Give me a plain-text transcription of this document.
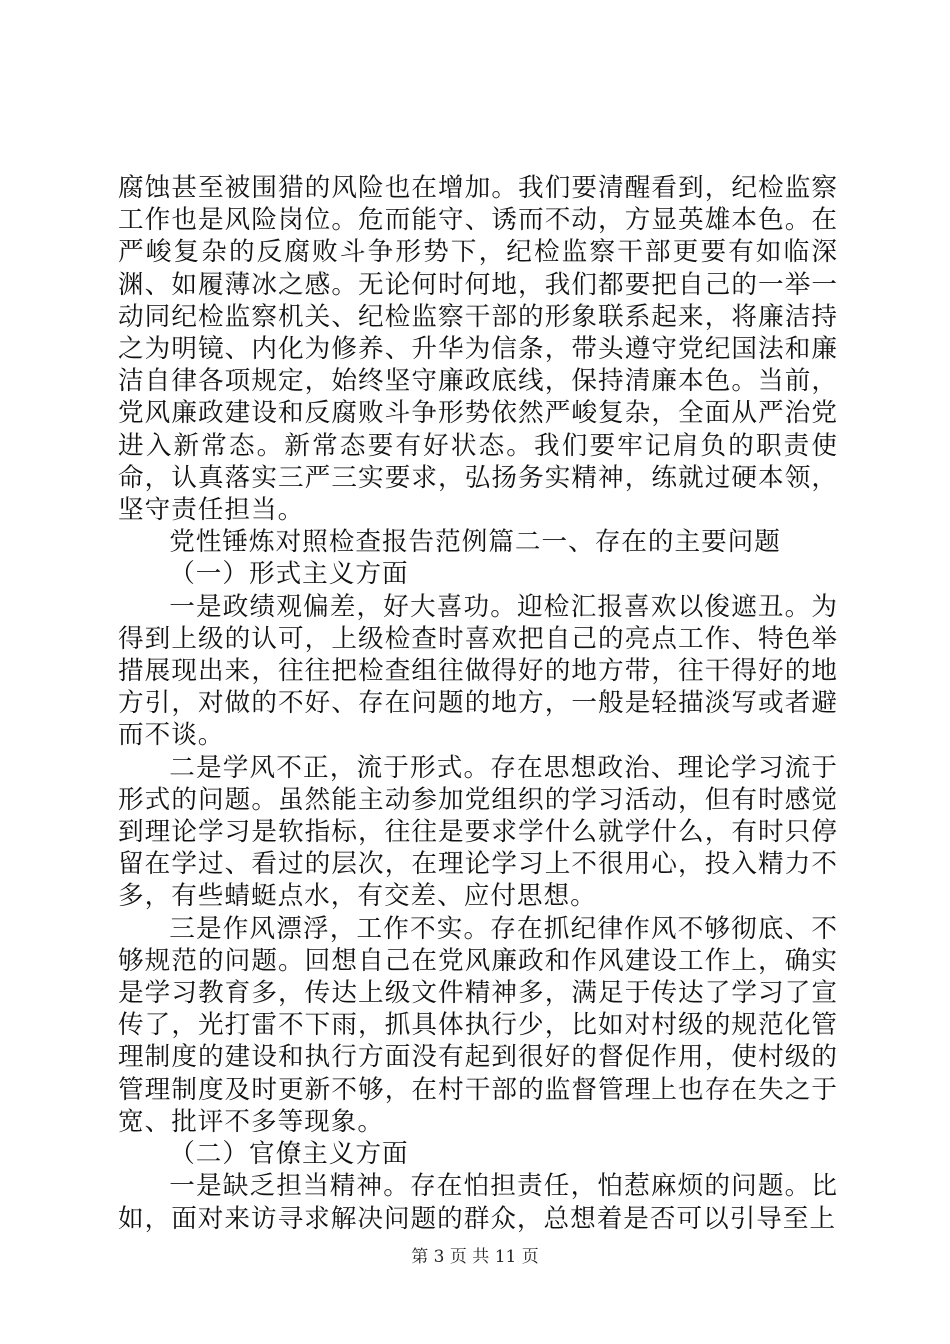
腐蚀甚至被围猎的风险也在增加。我们要清醒看到，纪检监察工作也是风险岗位。危而能守、诱而不动，方显英雄本色。在严峻复杂的反腐败斗争形势下，纪检监察干部更要有如临深渊、如履薄冰之感。无论何时何地，我们都要把自己的一举一动同纪检监察机关、纪检监察干部的形象联系起来，将廉洁持之为明镜、内化为修养、升华为信条，带头遵守党纪国法和廉洁自律各项规定，始终坚守廉政底线，保持清廉本色。当前，党风廉政建设和反腐败斗争形势依然严峻复杂，全面从严治党进入新常态。新常态要有好状态。我们要牢记肩负的职责使命，认真落实三严三实要求，弘扬务实精神，练就过硬本领，坚守责任担当。

党性锤炼对照检查报告范例篇二一、存在的主要问题

（一）形式主义方面

一是政绩观偏差，好大喜功。迎检汇报喜欢以俊遮丑。为得到上级的认可，上级检查时喜欢把自己的亮点工作、特色举措展现出来，往往把检查组往做得好的地方带，往干得好的地方引，对做的不好、存在问题的地方，一般是轻描淡写或者避而不谈。

二是学风不正，流于形式。存在思想政治、理论学习流于形式的问题。虽然能主动参加党组织的学习活动，但有时感觉到理论学习是软指标，往往是要求学什么就学什么，有时只停留在学过、看过的层次，在理论学习上不很用心，投入精力不多，有些蜻蜓点水，有交差、应付思想。

三是作风漂浮，工作不实。存在抓纪律作风不够彻底、不够规范的问题。回想自己在党风廉政和作风建设工作上，确实是学习教育多，传达上级文件精神多，满足于传达了学习了宣传了，光打雷不下雨，抓具体执行少，比如对村级的规范化管理制度的建设和执行方面没有起到很好的督促作用，使村级的管理制度及时更新不够，在村干部的监督管理上也存在失之于宽、批评不多等现象。

（二）官僚主义方面

一是缺乏担当精神。存在怕担责任，怕惹麻烦的问题。比如，面对来访寻求解决问题的群众，总想着是否可以引导至上

第 3 页 共 11 页
